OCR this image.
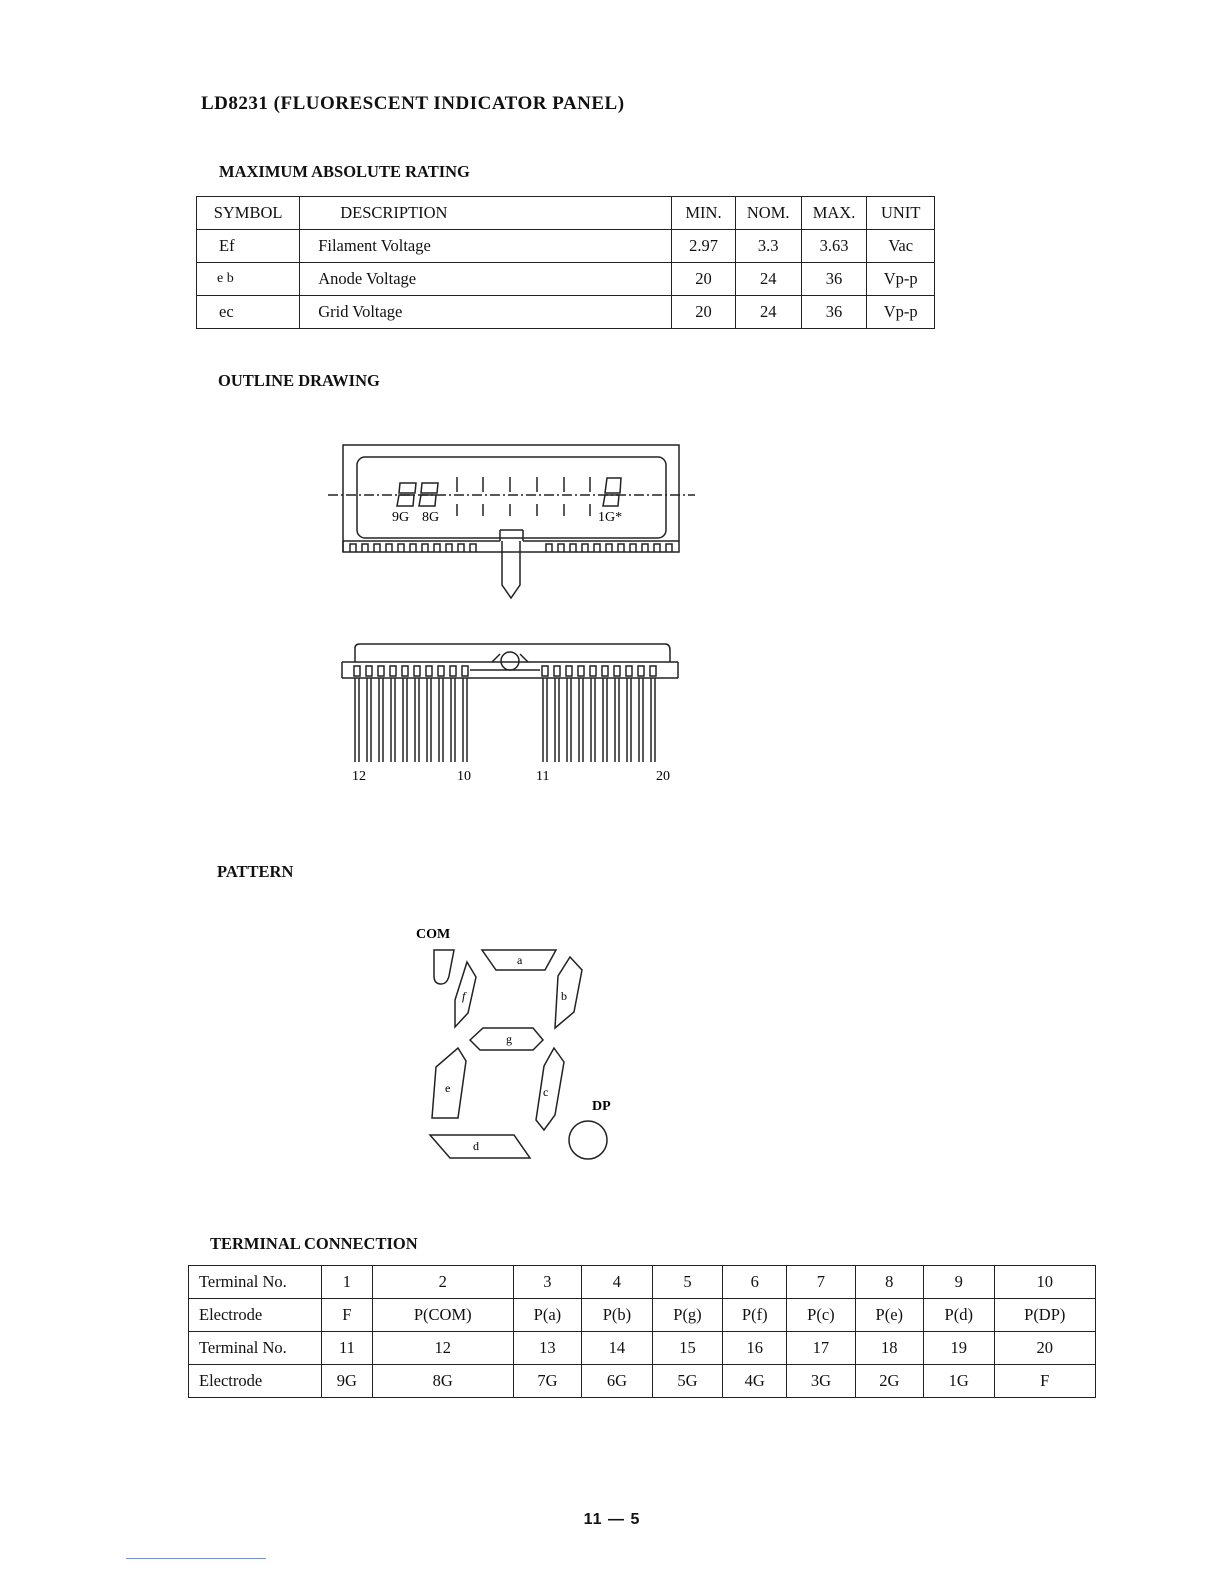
LD8231 (FLUORESCENT INDICATOR PANEL)
MAXIMUM ABSOLUTE RATING
SYMBOL	DESCRIPTION	MIN.	NOM.	MAX.	UNIT
Ef	Filament Voltage	2.97	3.3	3.63	Vac
e b	Anode Voltage	20	24	36	Vp-p
ec	Grid Voltage	20	24	36	Vp-p
OUTLINE DRAWING
9G 8G	1G*
12	10	11	20
PATTERN
COM
a
f	b
g
e	c
d
DP
TERMINAL CONNECTION
Terminal No.	1	2	3	4	5	6	7	8	9	10
Electrode	F	P(COM)	P(a)	P(b)	P(g)	P(f)	P(c)	P(e)	P(d)	P(DP)
Terminal No.	11	12	13	14	15	16	17	18	19	20
Electrode	9G	8G	7G	6G	5G	4G	3G	2G	1G	F
11 — 5
